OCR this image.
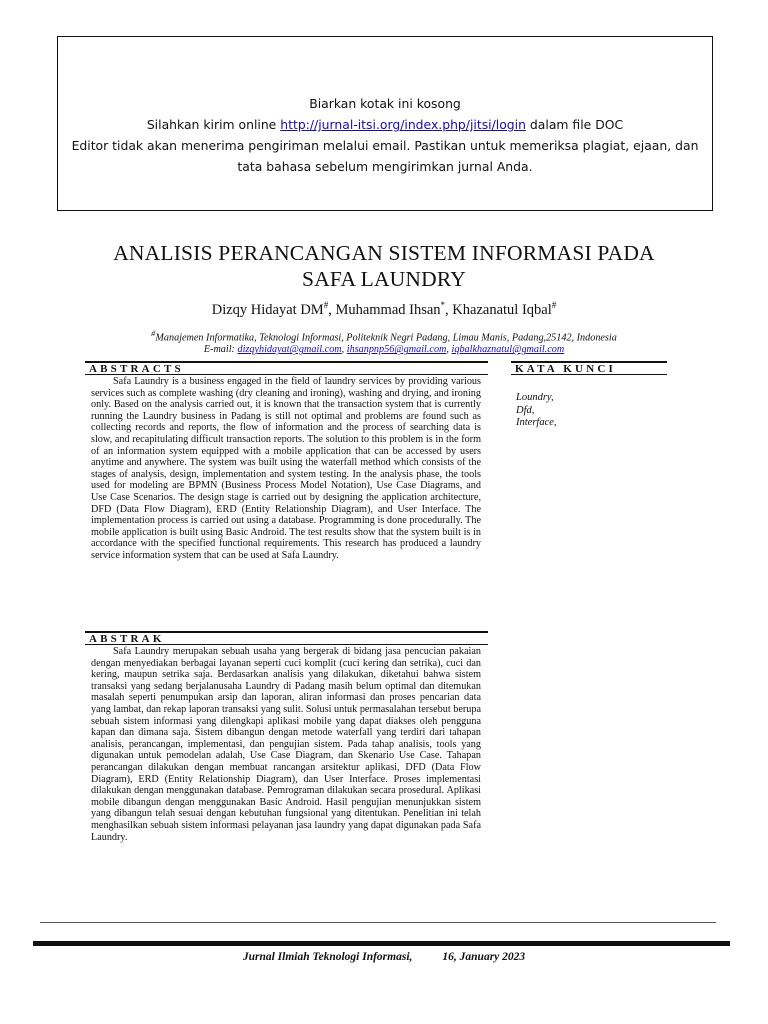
Biarkan kotak ini kosong
Silahkan kirim online http://jurnal-itsi.org/index.php/jitsi/login dalam file DOC
Editor tidak akan menerima pengiriman melalui email. Pastikan untuk memeriksa plagiat, ejaan, dan
tata bahasa sebelum mengirimkan jurnal Anda.
ANALISIS PERANCANGAN SISTEM INFORMASI PADA
SAFA LAUNDRY
Dizqy Hidayat DM#, Muhammad Ihsan*, Khazanatul Iqbal#
#Manajemen Informatika, Teknologi Informasi, Politeknik Negri Padang, Limau Manis, Padang,25142, Indonesia
E-mail: dizqyhidayat@gmail.com, ihsanpnp56@gmail.com, iqbalkhaznatul@gmail.com
ABSTRACTS	KATA KUNCI
Safa Laundry is a business engaged in the field of laundry services by providing various services such as complete washing (dry cleaning and ironing), washing and drying, and ironing only. Based on the analysis carried out, it is known that the transaction system that is currently running the Laundry business in Padang is still not optimal and problems are found such as collecting records and reports, the flow of information and the process of searching data is slow, and recapitulating difficult transaction reports. The solution to this problem is in the form of an information system equipped with a mobile application that can be accessed by users anytime and anywhere. The system was built using the waterfall method which consists of the stages of analysis, design, implementation and system testing. In the analysis phase, the tools used for modeling are BPMN (Business Process Model Notation), Use Case Diagrams, and Use Case Scenarios. The design stage is carried out by designing the application architecture, DFD (Data Flow Diagram), ERD (Entity Relationship Diagram), and User Interface. The implementation process is carried out using a database. Programming is done procedurally. The mobile application is built using Basic Android. The test results show that the system built is in accordance with the specified functional requirements. This research has produced a laundry service information system that can be used at Safa Laundry.
Loundry,
Dfd,
Interface,
ABSTRAK
Safa Laundry merupakan sebuah usaha yang bergerak di bidang jasa pencucian pakaian dengan menyediakan berbagai layanan seperti cuci komplit (cuci kering dan setrika), cuci dan kering, maupun setrika saja. Berdasarkan analisis yang dilakukan, diketahui bahwa sistem transaksi yang sedang berjalanusaha Laundry di Padang masih belum optimal dan ditemukan masalah seperti penumpukan arsip dan laporan, aliran informasi dan proses pencarian data yang lambat, dan rekap laporan transaksi yang sulit. Solusi untuk permasalahan tersebut berupa sebuah sistem informasi yang dilengkapi aplikasi mobile yang dapat diakses oleh pengguna kapan dan dimana saja. Sistem dibangun dengan metode waterfall yang terdiri dari tahapan analisis, perancangan, implementasi, dan pengujian sistem. Pada tahap analisis, tools yang digunakan untuk pemodelan adalah, Use Case Diagram, dan Skenario Use Case. Tahapan perancangan dilakukan dengan membuat rancangan arsitektur aplikasi, DFD (Data Flow Diagram), ERD (Entity Relationship Diagram), dan User Interface. Proses implementasi dilakukan dengan menggunakan database. Pemrograman dilakukan secara prosedural. Aplikasi mobile dibangun dengan menggunakan Basic Android. Hasil pengujian menunjukkan sistem yang dibangun telah sesuai dengan kebutuhan fungsional yang ditentukan. Penelitian ini telah menghasilkan sebuah sistem informasi pelayanan jasa laundry yang dapat digunakan pada Safa Laundry.
Jurnal Ilmiah Teknologi Informasi,	16, January 2023
